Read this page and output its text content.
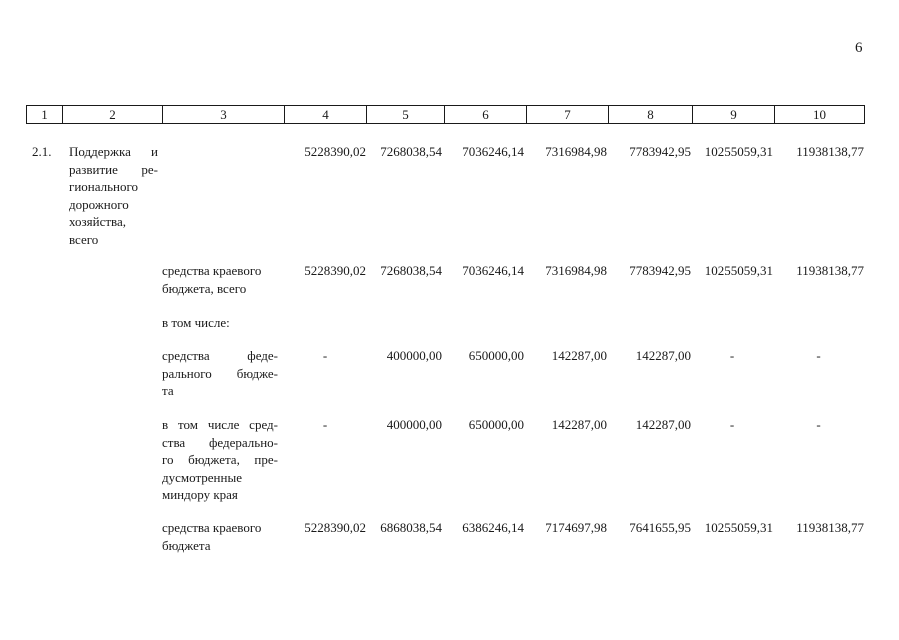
6
1	2	3	4	5	6	7	8	9	10
2.1. Поддержка и
развитие ре-
гионального
дорожного
хозяйства,
всего
5228390,02	7268038,54	7036246,14	7316984,98	7783942,95	10255059,31	11938138,77
средства краевого
бюджета, всего
5228390,02	7268038,54	7036246,14	7316984,98	7783942,95	10255059,31	11938138,77
в том числе:
средства феде-
рального бюдже-
та
-	400000,00	650000,00	142287,00	142287,00	-	-
в том числе сред-
ства федерально-
го бюджета, пре-
дусмотренные
миндору края
-	400000,00	650000,00	142287,00	142287,00	-	-
средства краевого
бюджета
5228390,02	6868038,54	6386246,14	7174697,98	7641655,95	10255059,31	11938138,77
